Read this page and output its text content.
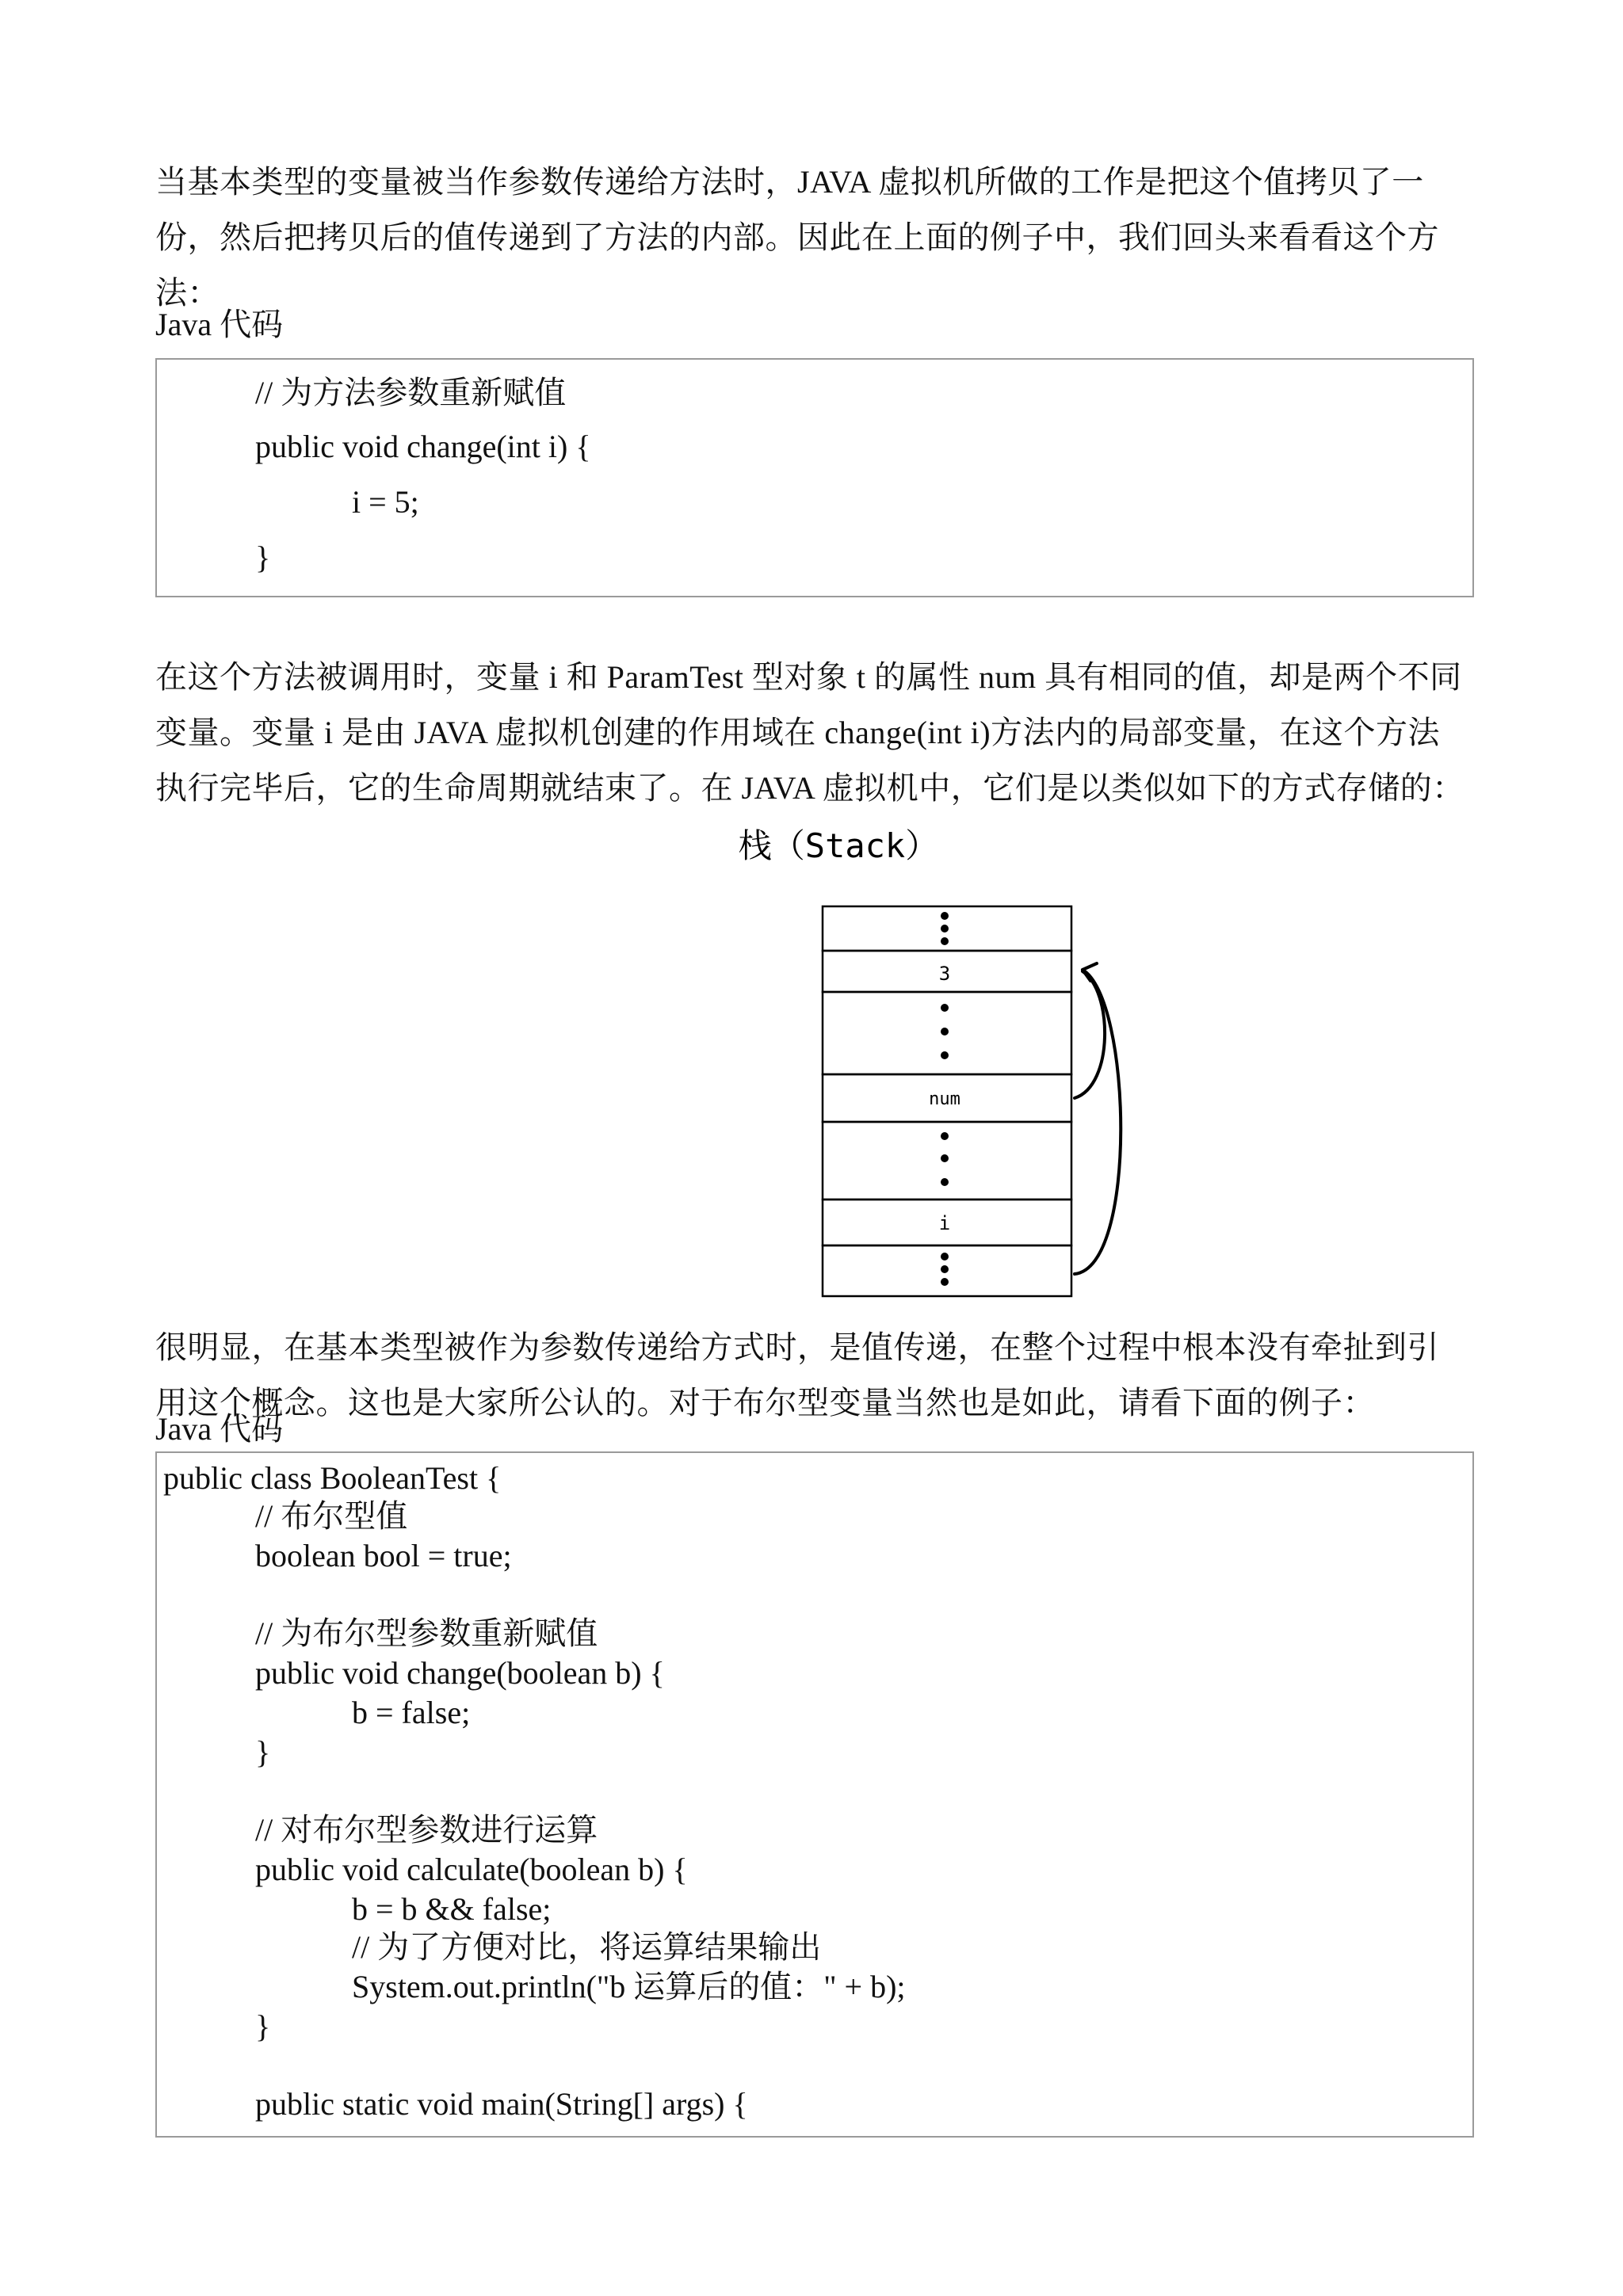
当基本类型的变量被当作参数传递给方法时，JAVA 虚拟机所做的工作是把这个值拷贝了一
份，然后把拷贝后的值传递到了方法的内部。因此在上面的例子中，我们回头来看看这个方
法：
Java 代码
// 为方法参数重新赋值
public void change(int i) {
i = 5;
}
在这个方法被调用时，变量 i 和 ParamTest 型对象 t 的属性 num 具有相同的值，却是两个不同
变量。变量 i 是由 JAVA 虚拟机创建的作用域在 change(int i)方法内的局部变量，在这个方法
执行完毕后，它的生命周期就结束了。在 JAVA 虚拟机中，它们是以类似如下的方式存储的：
很明显，在基本类型被作为参数传递给方式时，是值传递，在整个过程中根本没有牵扯到引
用这个概念。这也是大家所公认的。对于布尔型变量当然也是如此，请看下面的例子：
Java 代码
public class BooleanTest {
// 布尔型值
boolean bool = true;
// 为布尔型参数重新赋值
public void change(boolean b) {
b = false;
}
// 对布尔型参数进行运算
public void calculate(boolean b) {
b = b && false;
// 为了方便对比，将运算结果输出
System.out.println("b 运算后的值：" + b);
}
public static void main(String[] args) {
栈（Stack）
3
num
i
